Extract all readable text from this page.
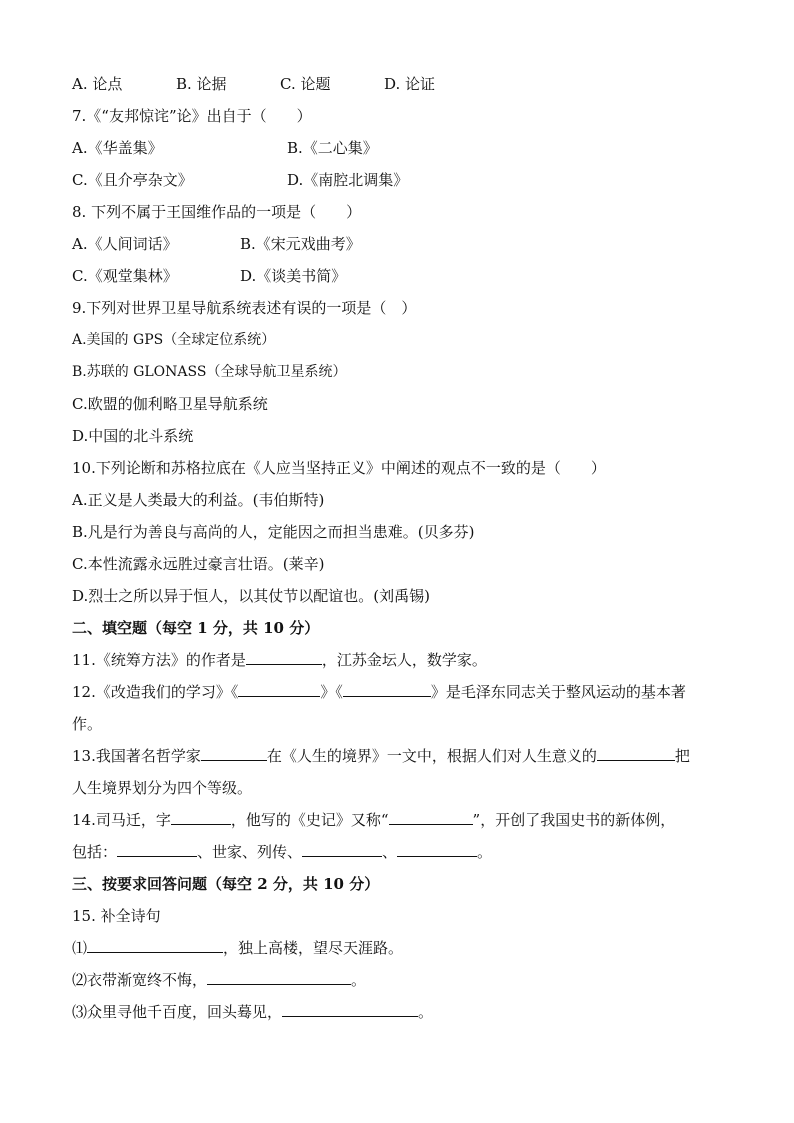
A. 论点	B. 论据	C. 论题	D. 论证
7.《“友邦惊诧”论》出自于（　　）
A.《华盖集》	B.《二心集》
C.《且介亭杂文》	D.《南腔北调集》
8. 下列不属于王国维作品的一项是（　　）
A.《人间词话》	B.《宋元戏曲考》
C.《观堂集林》	D.《谈美书简》
9.下列对世界卫星导航系统表述有误的一项是（　）
A.美国的 GPS（全球定位系统）
B.苏联的 GLONASS（全球导航卫星系统）
C.欧盟的伽利略卫星导航系统
D.中国的北斗系统
10.下列论断和苏格拉底在《人应当坚持正义》中阐述的观点不一致的是（　　）
A.正义是人类最大的利益。(韦伯斯特)
B.凡是行为善良与高尚的人，定能因之而担当患难。(贝多芬)
C.本性流露永远胜过豪言壮语。(莱辛)
D.烈士之所以异于恒人，以其仗节以配谊也。(刘禹锡)
二、填空题（每空 1 分，共 10 分）
11.《统筹方法》的作者是	，江苏金坛人，数学家。
12.《改造我们的学习》《	》《	》是毛泽东同志关于整风运动的基本著
作。
13.我国著名哲学家	在《人生的境界》一文中，根据人们对人生意义的	把
人生境界划分为四个等级。
14.司马迁，字	，他写的《史记》又称“	”，开创了我国史书的新体例，
包括：	、世家、列传、	、	。
三、按要求回答问题（每空 2 分，共 10 分）
15. 补全诗句
⑴	，独上高楼，望尽天涯路。
⑵衣带渐宽终不悔，	。
⑶众里寻他千百度，回头蓦见，	。
